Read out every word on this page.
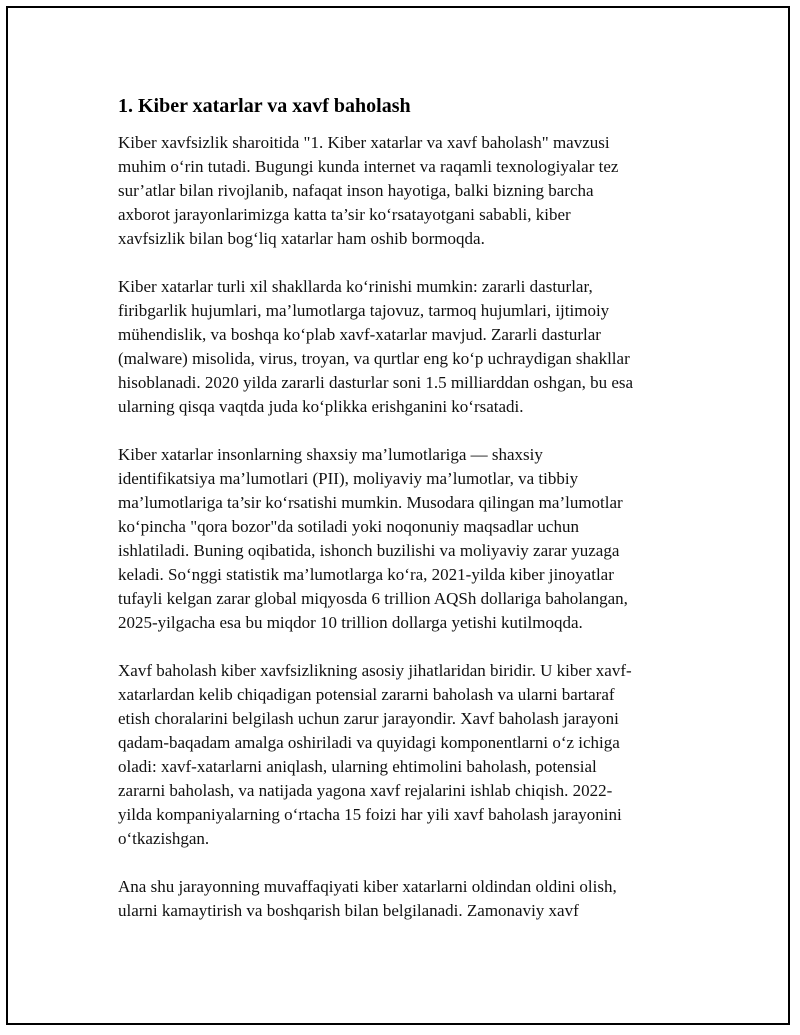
1. Kiber xatarlar va xavf baholash

Kiber xavfsizlik sharoitida "1. Kiber xatarlar va xavf baholash" mavzusi
muhim o‘rin tutadi. Bugungi kunda internet va raqamli texnologiyalar tez
sur’atlar bilan rivojlanib, nafaqat inson hayotiga, balki bizning barcha
axborot jarayonlarimizga katta ta’sir ko‘rsatayotgani sababli, kiber
xavfsizlik bilan bog‘liq xatarlar ham oshib bormoqda.

Kiber xatarlar turli xil shakllarda ko‘rinishi mumkin: zararli dasturlar,
firibgarlik hujumlari, ma’lumotlarga tajovuz, tarmoq hujumlari, ijtimoiy
mühendislik, va boshqa ko‘plab xavf-xatarlar mavjud. Zararli dasturlar
(malware) misolida, virus, troyan, va qurtlar eng ko‘p uchraydigan shakllar
hisoblanadi. 2020 yilda zararli dasturlar soni 1.5 milliarddan oshgan, bu esa
ularning qisqa vaqtda juda ko‘plikka erishganini ko‘rsatadi.

Kiber xatarlar insonlarning shaxsiy ma’lumotlariga — shaxsiy
identifikatsiya ma’lumotlari (PII), moliyaviy ma’lumotlar, va tibbiy
ma’lumotlariga ta’sir ko‘rsatishi mumkin. Musodara qilingan ma’lumotlar
ko‘pincha "qora bozor"da sotiladi yoki noqonuniy maqsadlar uchun
ishlatiladi. Buning oqibatida, ishonch buzilishi va moliyaviy zarar yuzaga
keladi. So‘nggi statistik ma’lumotlarga ko‘ra, 2021-yilda kiber jinoyatlar
tufayli kelgan zarar global miqyosda 6 trillion AQSh dollariga baholangan,
2025-yilgacha esa bu miqdor 10 trillion dollarga yetishi kutilmoqda.

Xavf baholash kiber xavfsizlikning asosiy jihatlaridan biridir. U kiber xavf-
xatarlardan kelib chiqadigan potensial zararni baholash va ularni bartaraf
etish choralarini belgilash uchun zarur jarayondir. Xavf baholash jarayoni
qadam-baqadam amalga oshiriladi va quyidagi komponentlarni o‘z ichiga
oladi: xavf-xatarlarni aniqlash, ularning ehtimolini baholash, potensial
zararni baholash, va natijada yagona xavf rejalarini ishlab chiqish. 2022-
yilda kompaniyalarning o‘rtacha 15 foizi har yili xavf baholash jarayonini
o‘tkazishgan.

Ana shu jarayonning muvaffaqiyati kiber xatarlarni oldindan oldini olish,
ularni kamaytirish va boshqarish bilan belgilanadi. Zamonaviy xavf
